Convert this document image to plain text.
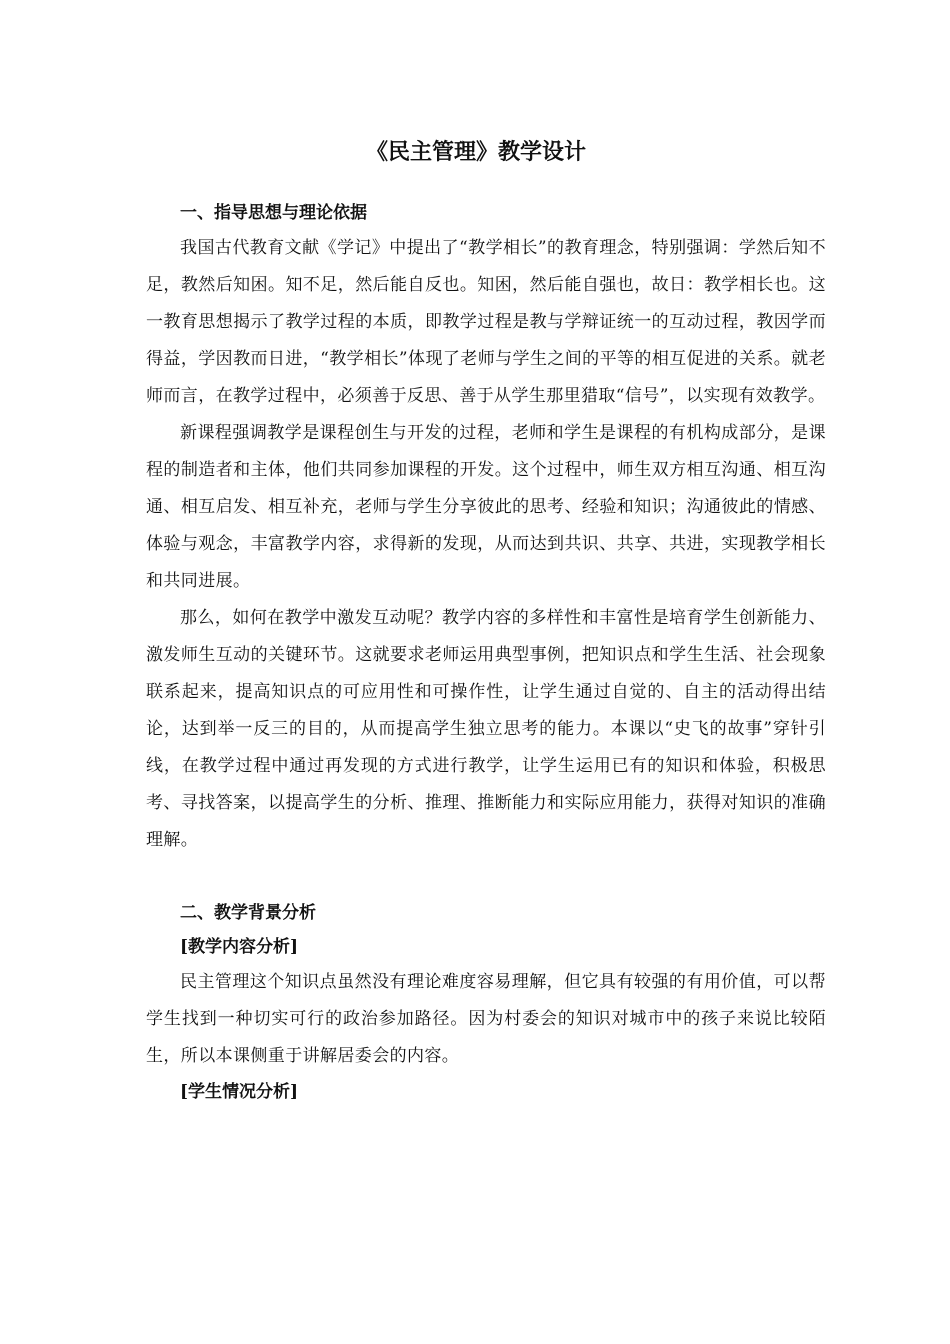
《民主管理》教学设计
一、指导思想与理论依据

我国古代教育文献《学记》中提出了“教学相长”的教育理念，特别强调：学然后知不足，教然后知困。知不足，然后能自反也。知困，然后能自强也，故日：教学相长也。这一教育思想揭示了教学过程的本质，即教学过程是教与学辩证统一的互动过程，教因学而得益，学因教而日进，“教学相长”体现了老师与学生之间的平等的相互促进的关系。就老师而言，在教学过程中，必须善于反思、善于从学生那里猎取“信号”，以实现有效教学。

新课程强调教学是课程创生与开发的过程，老师和学生是课程的有机构成部分，是课程的制造者和主体，他们共同参加课程的开发。这个过程中，师生双方相互沟通、相互沟通、相互启发、相互补充，老师与学生分享彼此的思考、经验和知识；沟通彼此的情感、体验与观念，丰富教学内容，求得新的发现，从而达到共识、共享、共进，实现教学相长和共同进展。

那么，如何在教学中激发互动呢？教学内容的多样性和丰富性是培育学生创新能力、激发师生互动的关键环节。这就要求老师运用典型事例，把知识点和学生生活、社会现象联系起来，提高知识点的可应用性和可操作性，让学生通过自觉的、自主的活动得出结论，达到举一反三的目的，从而提高学生独立思考的能力。本课以“史飞的故事”穿针引线，在教学过程中通过再发现的方式进行教学，让学生运用已有的知识和体验，积极思考、寻找答案，以提高学生的分析、推理、推断能力和实际应用能力，获得对知识的准确理解。

二、教学背景分析
[教学内容分析]

民主管理这个知识点虽然没有理论难度容易理解，但它具有较强的有用价值，可以帮学生找到一种切实可行的政治参加路径。因为村委会的知识对城市中的孩子来说比较陌生，所以本课侧重于讲解居委会的内容。

[学生情况分析]
